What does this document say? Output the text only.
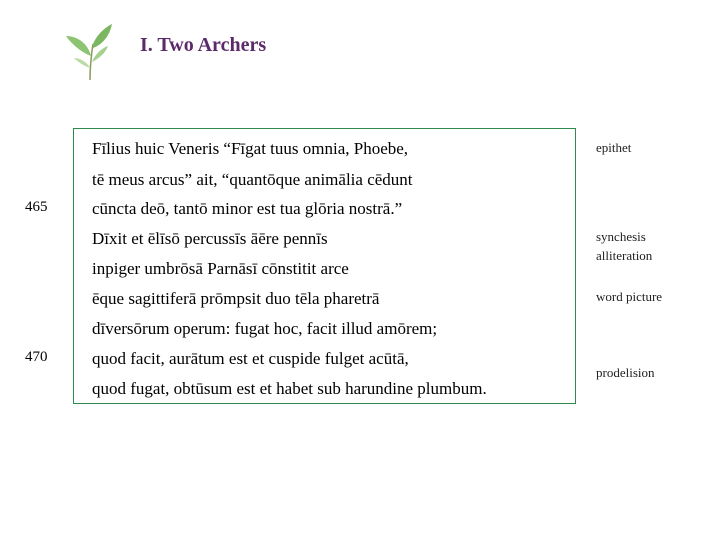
I. Two Archers
Fīlius huic Veneris “Fīgat tuus omnia, Phoebe,
tē meus arcus” ait, “quantōque animālia cēdunt
cūncta deō, tantō minor est tua glōria nostrā.”
Dīxit et ēlīsō percussīs āēre pennīs
inpiger umbrōsā Parnāsī cōnstitit arce
ēque sagittiferā prōmpsit duo tēla pharetrā
dīversōrum operum: fugat hoc, facit illud amōrem;
quod facit, aurātum est et cuspide fulget acūtā,
quod fugat, obtūsum est et habet sub harundine plumbum.
465
470
epithet
synchesis
alliteration
word picture
prodelision
